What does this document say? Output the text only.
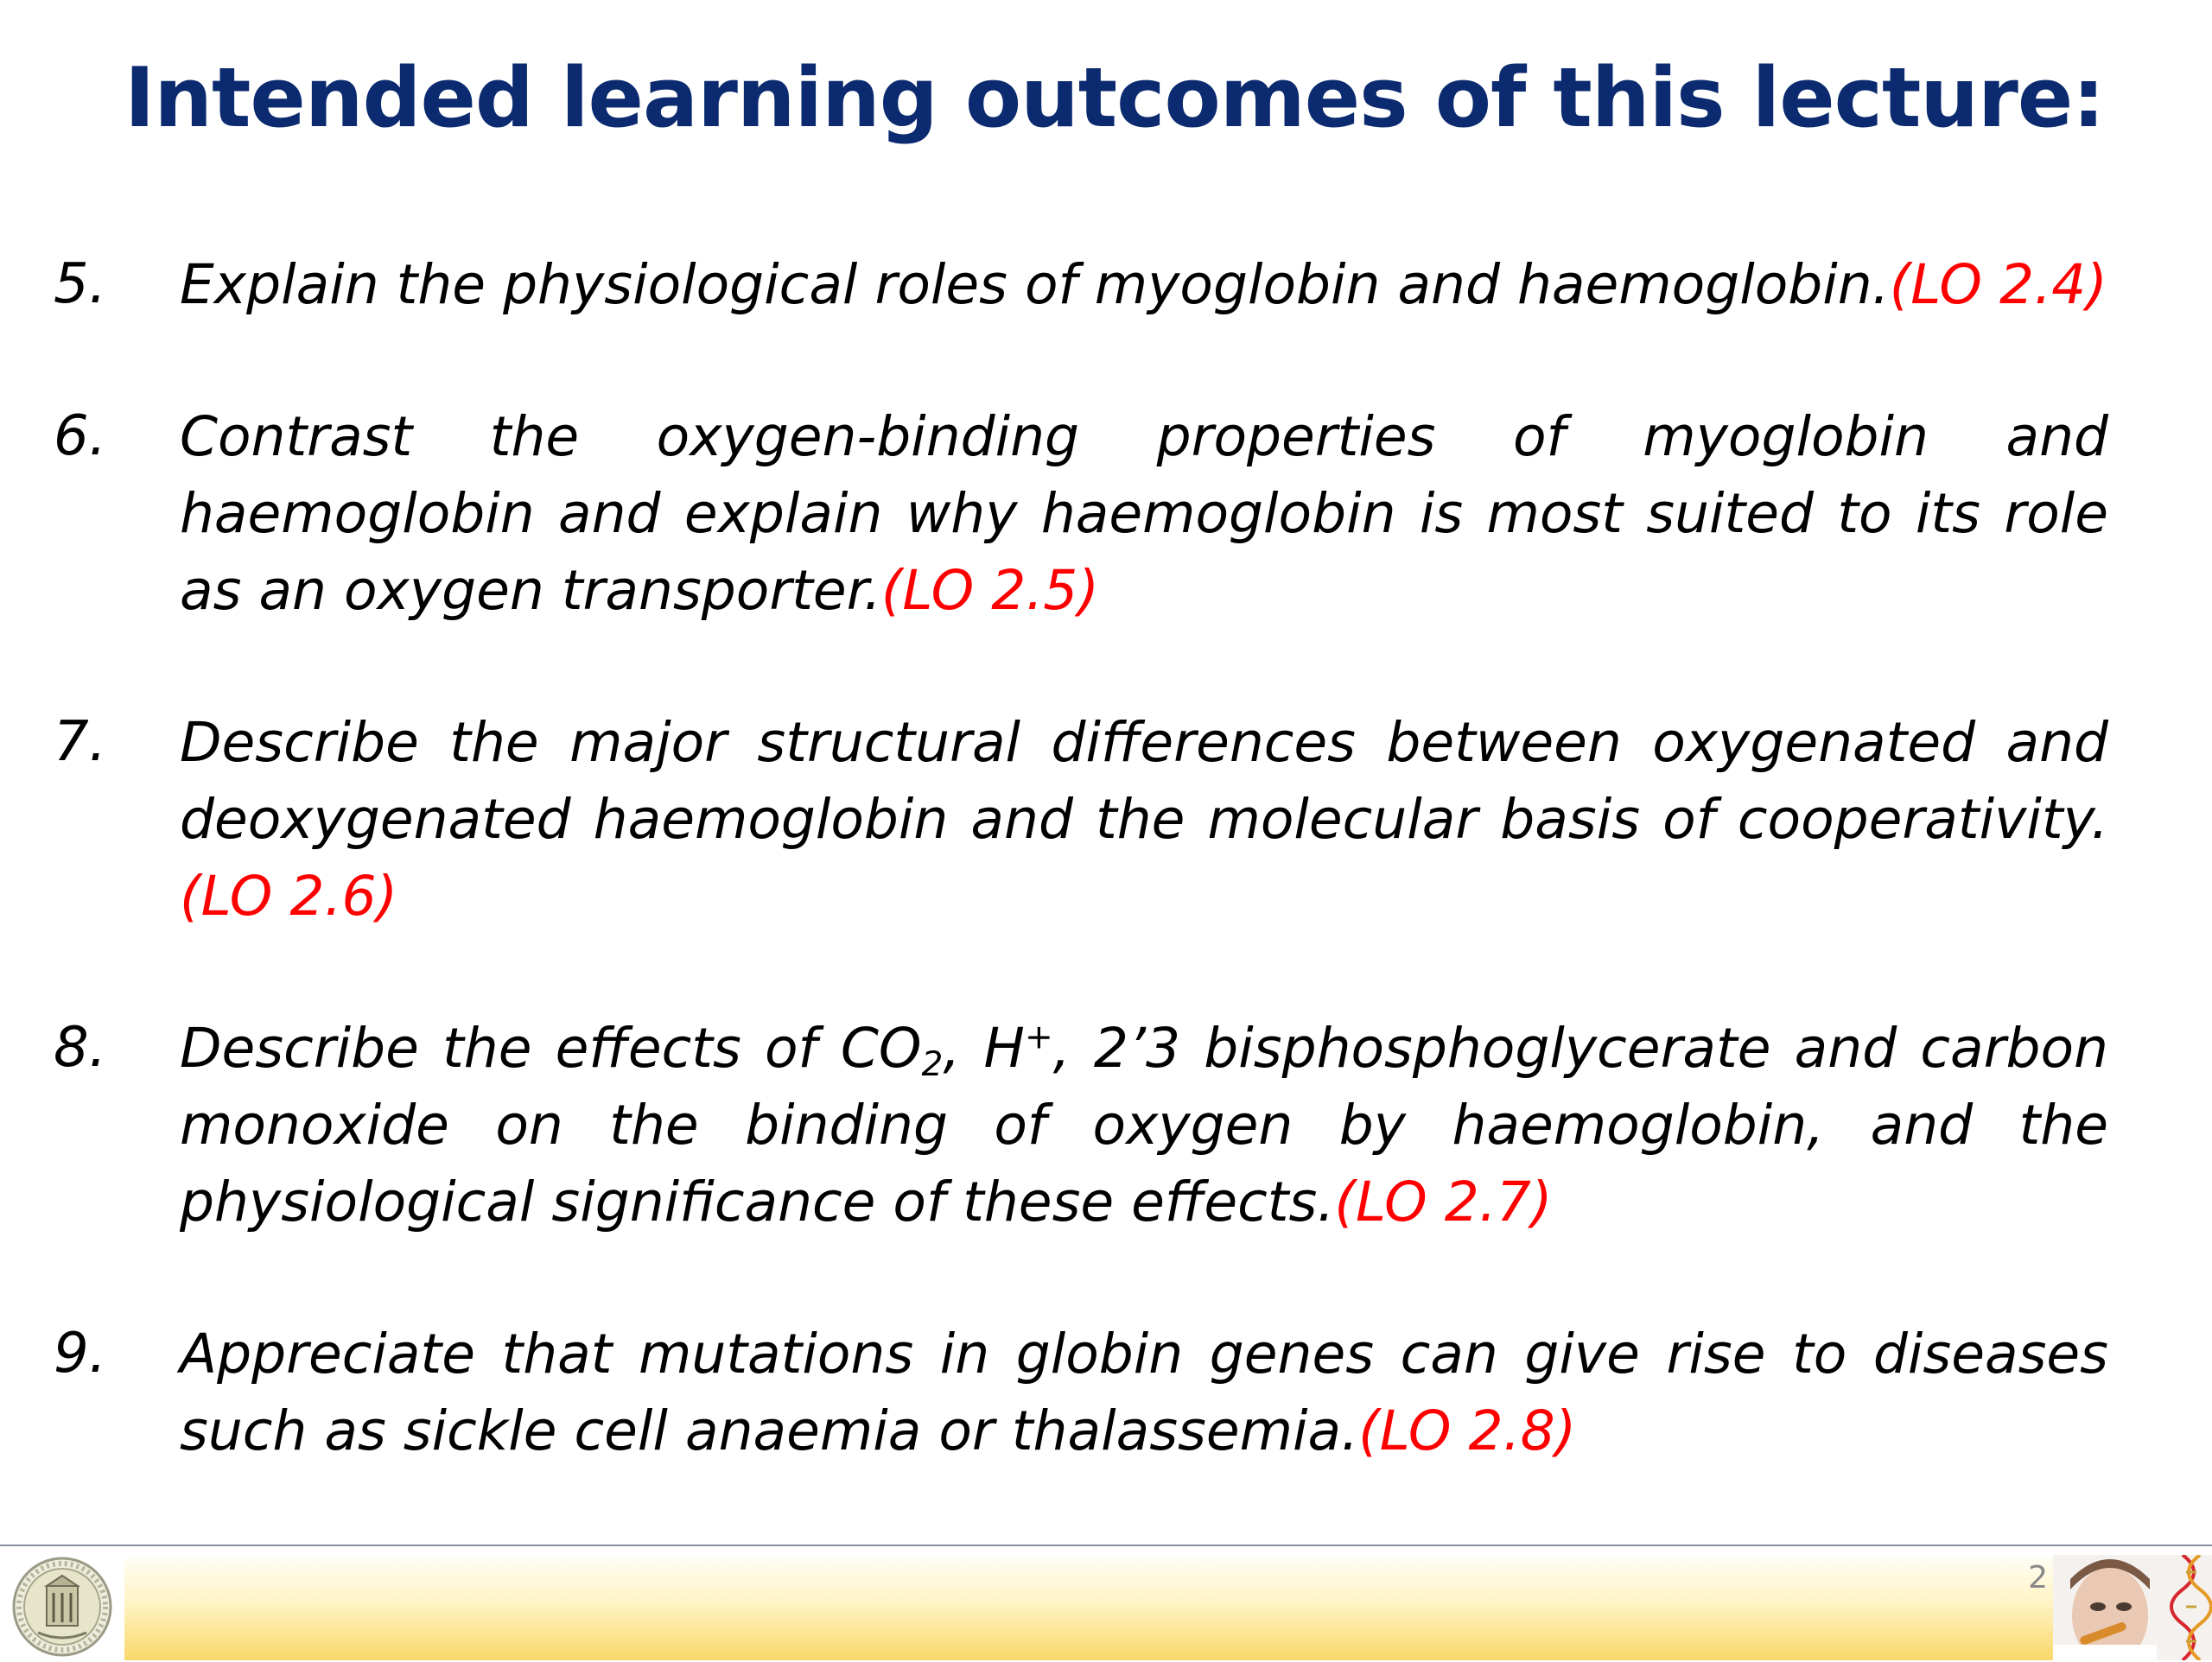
Intended learning outcomes of this lecture:
5. Explain the physiological roles of myoglobin and haemoglobin.(LO 2.4)
6. Contrast the oxygen-binding properties of myoglobin and haemoglobin and explain why haemoglobin is most suited to its role as an oxygen transporter.(LO 2.5)
7. Describe the major structural differences between oxygenated and deoxygenated haemoglobin and the molecular basis of cooperativity.(LO 2.6)
8. Describe the effects of $CO_2$, H+, 2’3 bisphosphoglycerate and carbon monoxide on the binding of oxygen by haemoglobin, and the physiological significance of these effects.(LO 2.7)
9. Appreciate that mutations in globin genes can give rise to diseases such as sickle cell anaemia or thalassemia.(LO 2.8)
2
